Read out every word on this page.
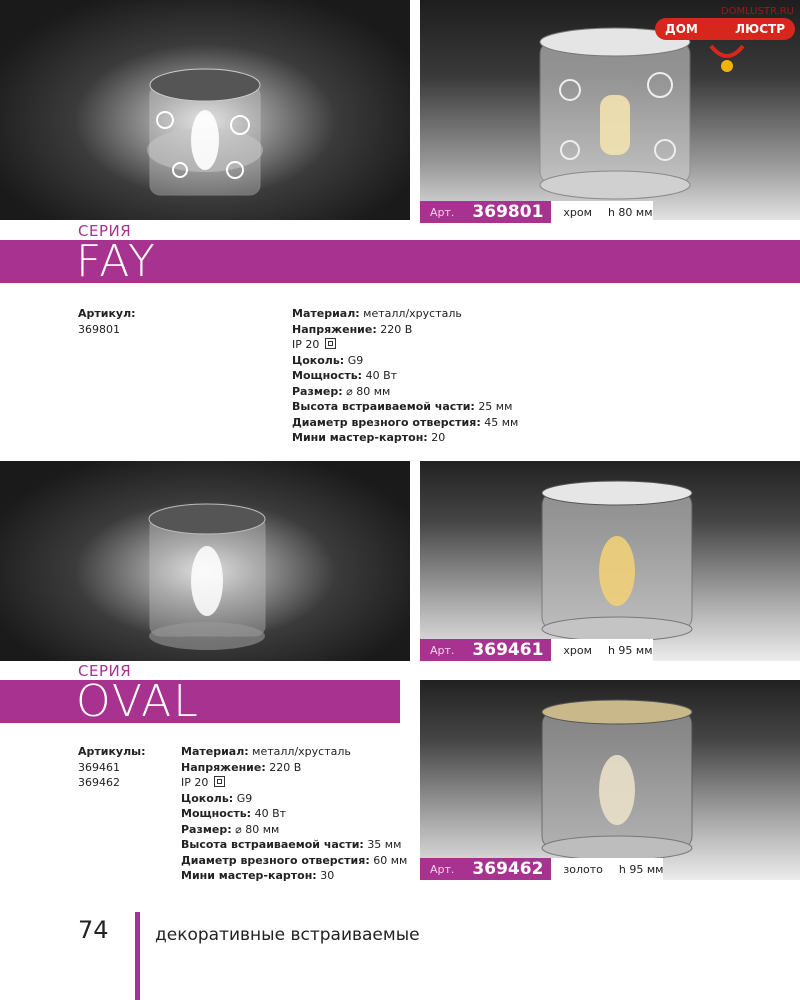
DOMLUSTR.RU
ДОМ	ЛЮСТР
Арт.	369801	хром h 80 мм
СЕРИЯ
FAY
Артикул:
369801
Материал: металл/хрусталь
Напряжение: 220 В
IP 20
Цоколь: G9
Мощность: 40 Вт
Размер: ⌀ 80 мм
Высота встраиваемой части: 25 мм
Диаметр врезного отверстия: 45 мм
Мини мастер-картон: 20
Арт.	369461	хром h 95 мм
СЕРИЯ
OVAL
Арт.	369462	золото h 95 мм
Артикулы:
369461
369462
Материал: металл/хрусталь
Напряжение: 220 В
IP 20
Цоколь: G9
Мощность: 40 Вт
Размер: ⌀ 80 мм
Высота встраиваемой части: 35 мм
Диаметр врезного отверстия: 60 мм
Мини мастер-картон: 30
74	декоративные встраиваемые
